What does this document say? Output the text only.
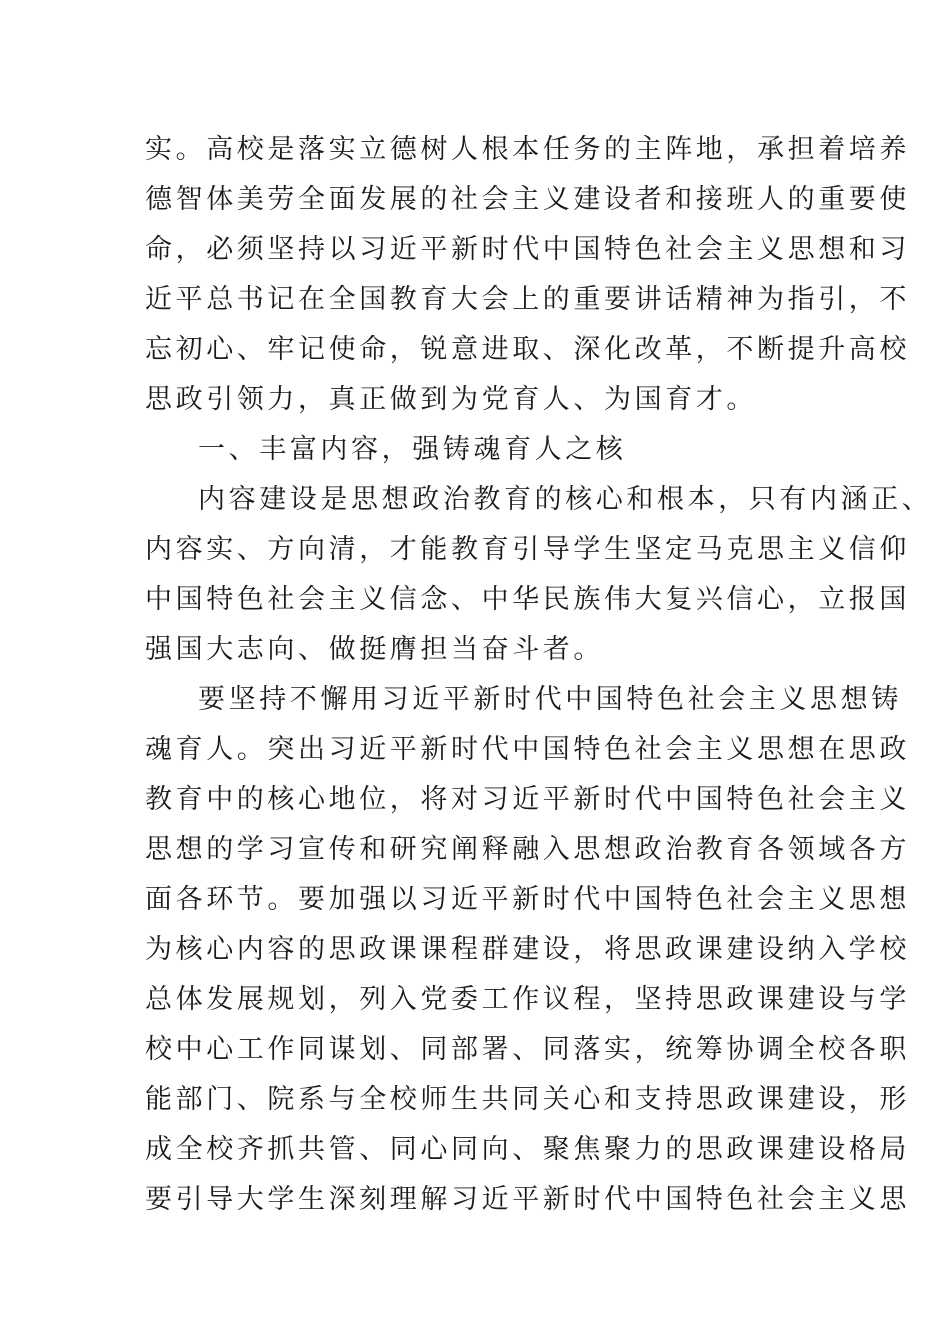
实。高校是落实立德树人根本任务的主阵地，承担着培养
德智体美劳全面发展的社会主义建设者和接班人的重要使
命，必须坚持以习近平新时代中国特色社会主义思想和习
近平总书记在全国教育大会上的重要讲话精神为指引，不
忘初心、牢记使命，锐意进取、深化改革，不断提升高校
思政引领力，真正做到为党育人、为国育才。
一、丰富内容，强铸魂育人之核
内容建设是思想政治教育的核心和根本，只有内涵正、
内容实、方向清，才能教育引导学生坚定马克思主义信仰
中国特色社会主义信念、中华民族伟大复兴信心，立报国
强国大志向、做挺膺担当奋斗者。
要坚持不懈用习近平新时代中国特色社会主义思想铸
魂育人。突出习近平新时代中国特色社会主义思想在思政
教育中的核心地位，将对习近平新时代中国特色社会主义
思想的学习宣传和研究阐释融入思想政治教育各领域各方
面各环节。要加强以习近平新时代中国特色社会主义思想
为核心内容的思政课课程群建设，将思政课建设纳入学校
总体发展规划，列入党委工作议程，坚持思政课建设与学
校中心工作同谋划、同部署、同落实，统筹协调全校各职
能部门、院系与全校师生共同关心和支持思政课建设，形
成全校齐抓共管、同心同向、聚焦聚力的思政课建设格局
要引导大学生深刻理解习近平新时代中国特色社会主义思
